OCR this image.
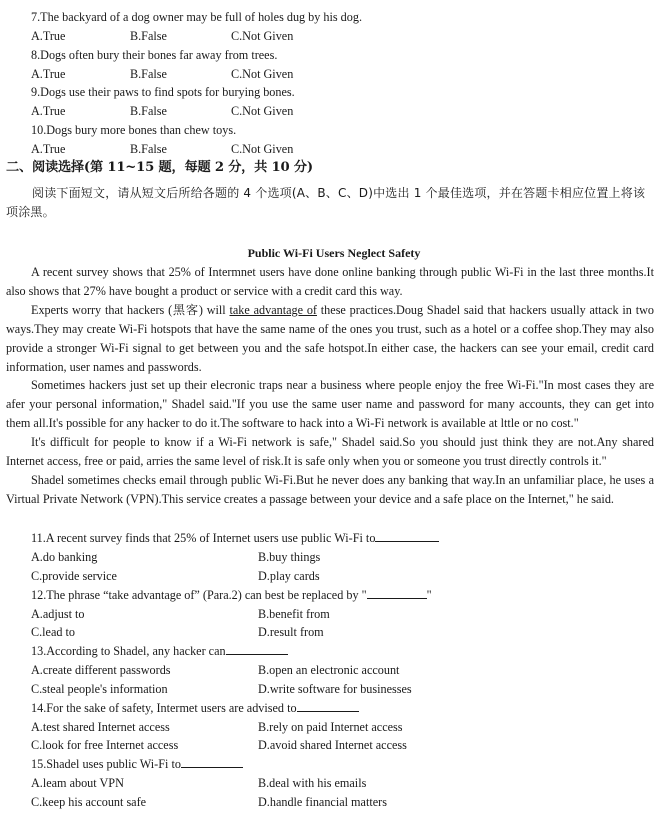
7.The backyard of a dog owner may be full of holes dug by his dog.
A.True	B.False	C.Not Given
8.Dogs often bury their bones far away from trees.
A.True	B.False	C.Not Given
9.Dogs use their paws to find spots for burying bones.
A.True	B.False	C.Not Given
10.Dogs bury more bones than chew toys.
A.True	B.False	C.Not Given
二、阅读选择(第 11~15 题，每题 2 分，共 10 分)
阅读下面短文，请从短文后所给各题的 4 个选项(A、B、C、D)中选出 1 个最佳选项，并在答题卡相应位置上将该项涂黑。
Public Wi-Fi Users Neglect Safety

A recent survey shows that 25% of Intermnet users have done online banking through public Wi-Fi in the last three months.It also shows that 27% have bought a product or service with a credit card this way.

Experts worry that hackers (黑客) will take advantage of these practices.Doug Shadel said that hackers usually attack in two ways.They may create Wi-Fi hotspots that have the same name of the ones you trust, such as a hotel or a coffee shop.They may also provide a stronger Wi-Fi signal to get between you and the safe hotspot.In either case, the hackers can see your email, credit card information, user names and passwords.

Sometimes hackers just set up their elecronic traps near a business where people enjoy the free Wi-Fi."In most cases they are afer your personal information," Shadel said."If you use the same user name and password for many accounts, they can get into them all.It's possible for any hacker to do it.The software to hack into a Wi-Fi network is available at lttle or no cost."

It's difficult for people to know if a Wi-Fi network is safe," Shadel said.So you should just think they are not.Any shared Internet access, free or paid, arries the same level of risk.It is safe only when you or someone you trust directly controls it."

Shadel sometimes checks email through public Wi-Fi.But he never does any banking that way.In an unfamiliar place, he uses a Virtual Private Network (VPN).This service creates a passage between your device and a safe place on the Internet," he said.

11.A recent survey finds that 25% of Internet users use public Wi-Fi to
A.do banking	B.buy things
C.provide service	D.play cards
12.The phrase “take advantage of” (Para.2) can best be replaced by "	"
A.adjust to	B.benefit from
C.lead to	D.result from
13.According to Shadel, any hacker can
A.create different passwords	B.open an electronic account
C.steal people's information	D.write software for businesses
14.For the sake of safety, Intermet users are advised to
A.test shared Internet access	B.rely on paid Internet access
C.look for free Internet access	D.avoid shared Internet access
15.Shadel uses public Wi-Fi to
A.leam about VPN	B.deal with his emails
C.keep his account safe	D.handle financial matters
